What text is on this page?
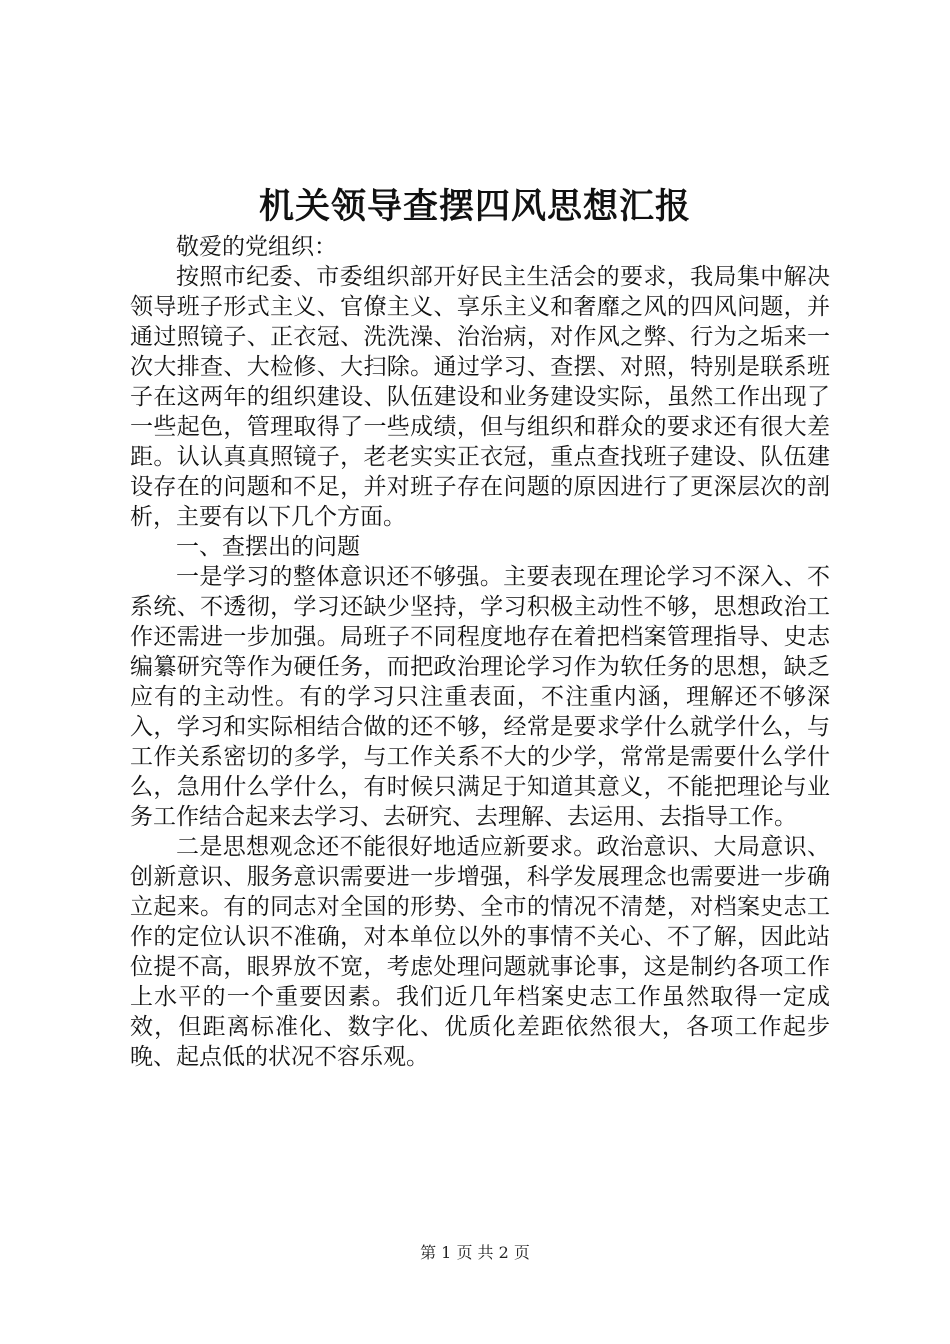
机关领导查摆四风思想汇报

敬爱的党组织：

按照市纪委、市委组织部开好民主生活会的要求，我局集中解决领导班子形式主义、官僚主义、享乐主义和奢靡之风的四风问题，并通过照镜子、正衣冠、洗洗澡、治治病，对作风之弊、行为之垢来一次大排查、大检修、大扫除。通过学习、查摆、对照，特别是联系班子在这两年的组织建设、队伍建设和业务建设实际，虽然工作出现了一些起色，管理取得了一些成绩，但与组织和群众的要求还有很大差距。认认真真照镜子，老老实实正衣冠，重点查找班子建设、队伍建设存在的问题和不足，并对班子存在问题的原因进行了更深层次的剖析，主要有以下几个方面。

一、查摆出的问题

一是学习的整体意识还不够强。主要表现在理论学习不深入、不系统、不透彻，学习还缺少坚持，学习积极主动性不够，思想政治工作还需进一步加强。局班子不同程度地存在着把档案管理指导、史志编纂研究等作为硬任务，而把政治理论学习作为软任务的思想，缺乏应有的主动性。有的学习只注重表面，不注重内涵，理解还不够深入，学习和实际相结合做的还不够，经常是要求学什么就学什么，与工作关系密切的多学，与工作关系不大的少学，常常是需要什么学什么，急用什么学什么，有时候只满足于知道其意义，不能把理论与业务工作结合起来去学习、去研究、去理解、去运用、去指导工作。

二是思想观念还不能很好地适应新要求。政治意识、大局意识、创新意识、服务意识需要进一步增强，科学发展理念也需要进一步确立起来。有的同志对全国的形势、全市的情况不清楚，对档案史志工作的定位认识不准确，对本单位以外的事情不关心、不了解，因此站位提不高，眼界放不宽，考虑处理问题就事论事，这是制约各项工作上水平的一个重要因素。我们近几年档案史志工作虽然取得一定成效，但距离标准化、数字化、优质化差距依然很大，各项工作起步晚、起点低的状况不容乐观。

第 1 页 共 2 页
